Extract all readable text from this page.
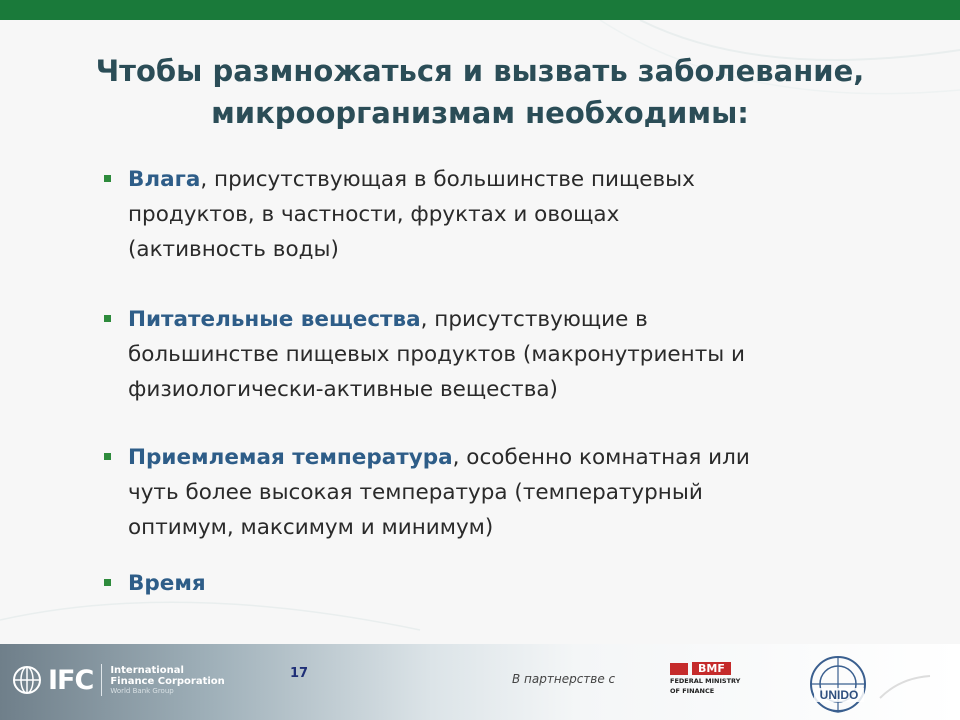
Чтобы размножаться и вызвать заболевание,
микроорганизмам необходимы:
Влага, присутствующая в большинстве пищевых
продуктов, в частности, фруктах и овощах
(активность воды)
Питательные вещества, присутствующие в
большинстве пищевых продуктов (макронутриенты и
физиологически-активные вещества)
Приемлемая температура, особенно комнатная или
чуть более высокая температура (температурный
оптимум, максимум и минимум)
Время
IFC International
Finance Corporation
World Bank Group
17	В партнерстве с
BMF
FEDERAL MINISTRY
OF FINANCE	UNIDO
